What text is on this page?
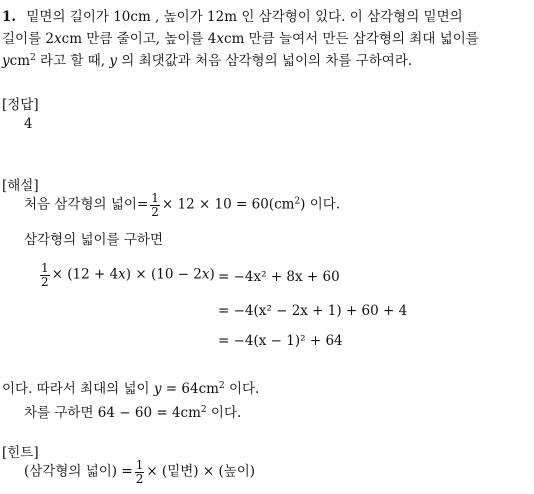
1. 밑면의 길이가 10cm , 높이가 12m 인 삼각형이 있다. 이 삼각형의 밑면의
길이를 2xcm 만큼 줄이고, 높이를 4xcm 만큼 늘여서 만든 삼각형의 최대 넓이를
ycm$^2$ 라고 할 때, y 의 최댓값과 처음 삼각형의 넓이의 차를 구하여라.
[정답]
4
[해설]
처음 삼각형의 넓이= $\frac{1}{2} \times 12 \times 10 = 60(cm^2)$ 이다.
삼각형의 넓이를 구하면
$\frac{1}{2} \times (12 + 4x) \times (10 - 2x) = -4x^2 + 8x + 60$
= −4(x² − 2x + 1) + 60 + 4
= −4(x − 1)² + 64
이다. 따라서 최대의 넓이 $y = 64cm^2$ 이다.
차를 구하면 $64 - 60 = 4cm^2$ 이다.
[힌트]
(삼각형의 넓이) = $\frac{1}{2}$ × (밑변) × (높이)
